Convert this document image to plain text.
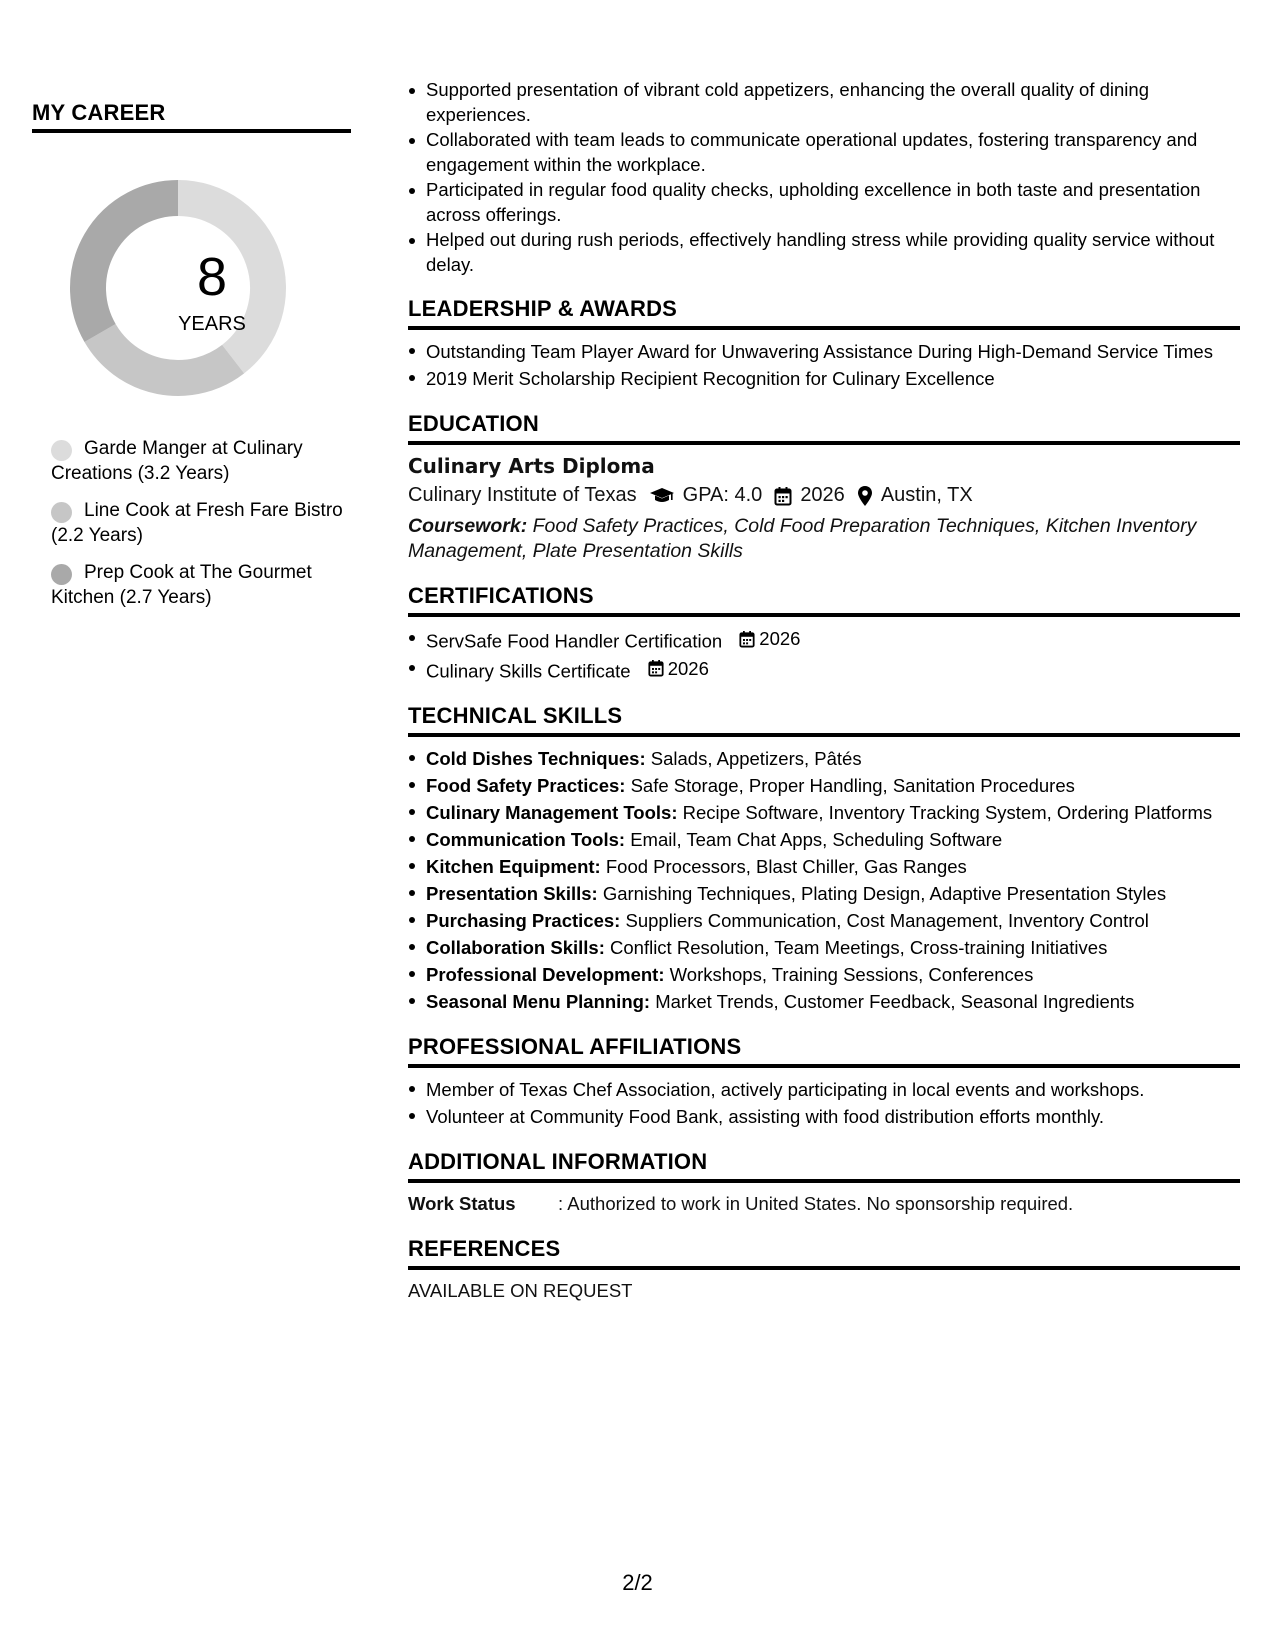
MY CAREER
8
YEARS
Garde Manger at Culinary Creations (3.2 Years)
Line Cook at Fresh Fare Bistro (2.2 Years)
Prep Cook at The Gourmet Kitchen (2.7 Years)
Supported presentation of vibrant cold appetizers, enhancing the overall quality of dining experiences.
Collaborated with team leads to communicate operational updates, fostering transparency and engagement within the workplace.
Participated in regular food quality checks, upholding excellence in both taste and presentation across offerings.
Helped out during rush periods, effectively handling stress while providing quality service without delay.
LEADERSHIP & AWARDS
Outstanding Team Player Award for Unwavering Assistance During High-Demand Service Times
2019 Merit Scholarship Recipient Recognition for Culinary Excellence
EDUCATION
Culinary Arts Diploma
Culinary Institute of Texas GPA: 4.0 2026 Austin, TX
Coursework: Food Safety Practices, Cold Food Preparation Techniques, Kitchen Inventory Management, Plate Presentation Skills
CERTIFICATIONS
ServSafe Food Handler Certification 2026
Culinary Skills Certificate 2026
TECHNICAL SKILLS
Cold Dishes Techniques: Salads, Appetizers, Pâtés
Food Safety Practices: Safe Storage, Proper Handling, Sanitation Procedures
Culinary Management Tools: Recipe Software, Inventory Tracking System, Ordering Platforms
Communication Tools: Email, Team Chat Apps, Scheduling Software
Kitchen Equipment: Food Processors, Blast Chiller, Gas Ranges
Presentation Skills: Garnishing Techniques, Plating Design, Adaptive Presentation Styles
Purchasing Practices: Suppliers Communication, Cost Management, Inventory Control
Collaboration Skills: Conflict Resolution, Team Meetings, Cross-training Initiatives
Professional Development: Workshops, Training Sessions, Conferences
Seasonal Menu Planning: Market Trends, Customer Feedback, Seasonal Ingredients
PROFESSIONAL AFFILIATIONS
Member of Texas Chef Association, actively participating in local events and workshops.
Volunteer at Community Food Bank, assisting with food distribution efforts monthly.
ADDITIONAL INFORMATION
Work Status	: Authorized to work in United States. No sponsorship required.
REFERENCES
AVAILABLE ON REQUEST
2/2
